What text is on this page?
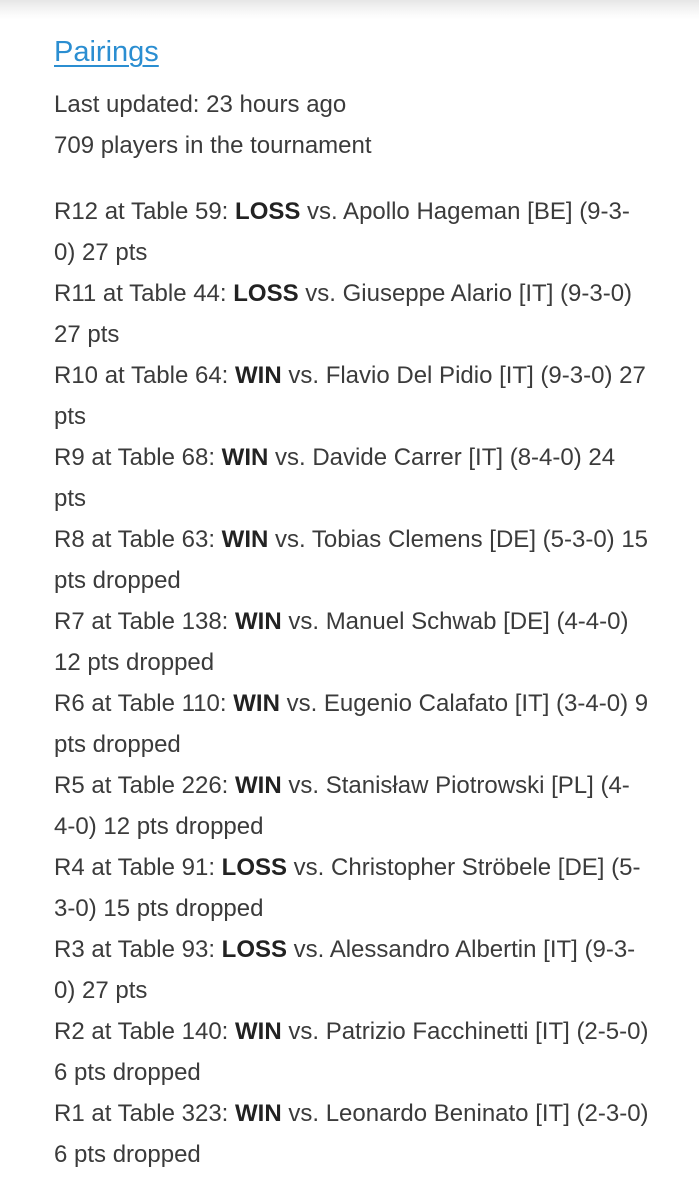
Pairings
Last updated: 23 hours ago
709 players in the tournament
R12 at Table 59: LOSS vs. Apollo Hageman [BE] (9-3-0) 27 pts
R11 at Table 44: LOSS vs. Giuseppe Alario [IT] (9-3-0) 27 pts
R10 at Table 64: WIN vs. Flavio Del Pidio [IT] (9-3-0) 27 pts
R9 at Table 68: WIN vs. Davide Carrer [IT] (8-4-0) 24 pts
R8 at Table 63: WIN vs. Tobias Clemens [DE] (5-3-0) 15 pts dropped
R7 at Table 138: WIN vs. Manuel Schwab [DE] (4-4-0) 12 pts dropped
R6 at Table 110: WIN vs. Eugenio Calafato [IT] (3-4-0) 9 pts dropped
R5 at Table 226: WIN vs. Stanisław Piotrowski [PL] (4-4-0) 12 pts dropped
R4 at Table 91: LOSS vs. Christopher Ströbele [DE] (5-3-0) 15 pts dropped
R3 at Table 93: LOSS vs. Alessandro Albertin [IT] (9-3-0) 27 pts
R2 at Table 140: WIN vs. Patrizio Facchinetti [IT] (2-5-0) 6 pts dropped
R1 at Table 323: WIN vs. Leonardo Beninato [IT] (2-3-0) 6 pts dropped
